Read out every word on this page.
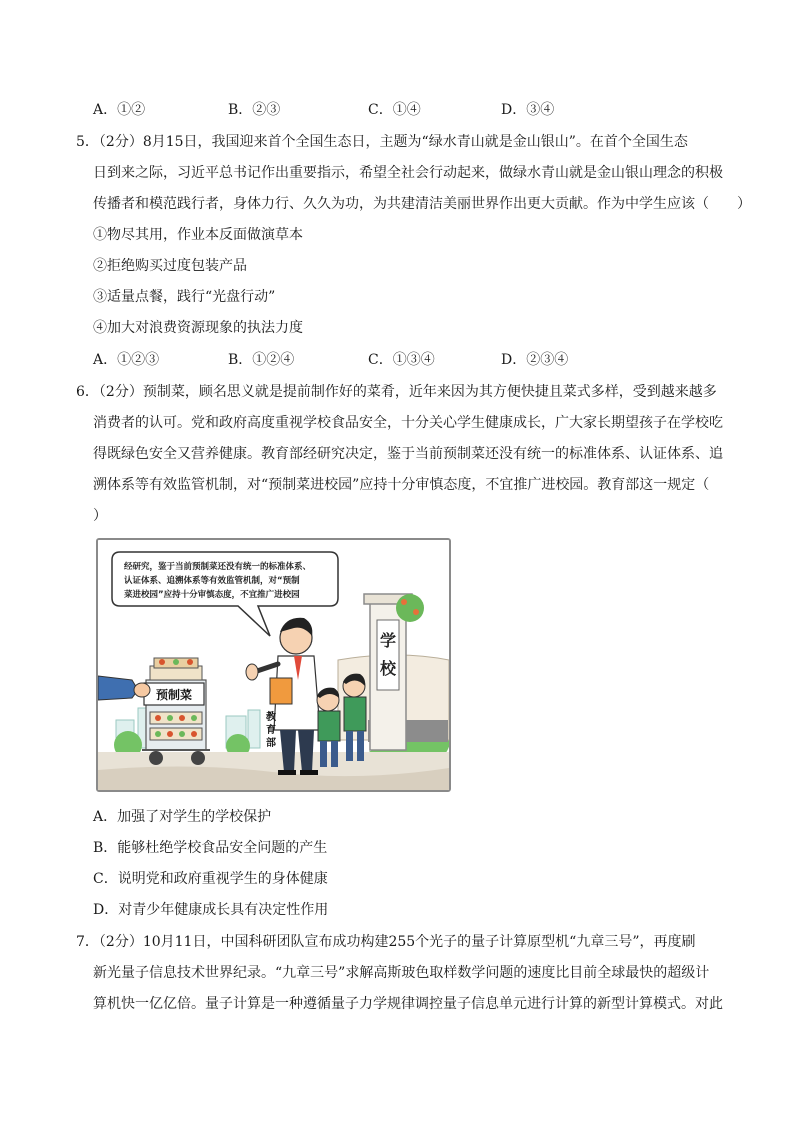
A．①②	B．②③	C．①④	D．③④
5．（2分）8月15日，我国迎来首个全国生态日，主题为“绿水青山就是金山银山”。在首个全国生态
日到来之际，习近平总书记作出重要指示，希望全社会行动起来，做绿水青山就是金山银山理念的积极
传播者和模范践行者，身体力行、久久为功，为共建清洁美丽世界作出更大贡献。作为中学生应该（　　）
①物尽其用，作业本反面做演草本
②拒绝购买过度包装产品
③适量点餐，践行“光盘行动”
④加大对浪费资源现象的执法力度
A．①②③	B．①②④	C．①③④	D．②③④
6．（2分）预制菜，顾名思义就是提前制作好的菜肴，近年来因为其方便快捷且菜式多样，受到越来越多
消费者的认可。党和政府高度重视学校食品安全，十分关心学生健康成长，广大家长期望孩子在学校吃
得既绿色安全又营养健康。教育部经研究决定，鉴于当前预制菜还没有统一的标准体系、认证体系、追
溯体系等有效监管机制，对“预制菜进校园”应持十分审慎态度，不宜推广进校园。教育部这一规定（
）
学
校
经研究，鉴于当前预制菜还没有统一的标准体系、
认证体系、追溯体系等有效监管机制，对“预制
菜进校园”应持十分审慎态度，不宜推广进校园
预制菜
教
育
部
A．加强了对学生的学校保护
B．能够杜绝学校食品安全问题的产生
C．说明党和政府重视学生的身体健康
D．对青少年健康成长具有决定性作用
7．（2分）10月11日，中国科研团队宣布成功构建255个光子的量子计算原型机“九章三号”，再度刷
新光量子信息技术世界纪录。“九章三号”求解高斯玻色取样数学问题的速度比目前全球最快的超级计
算机快一亿亿倍。量子计算是一种遵循量子力学规律调控量子信息单元进行计算的新型计算模式。对此
